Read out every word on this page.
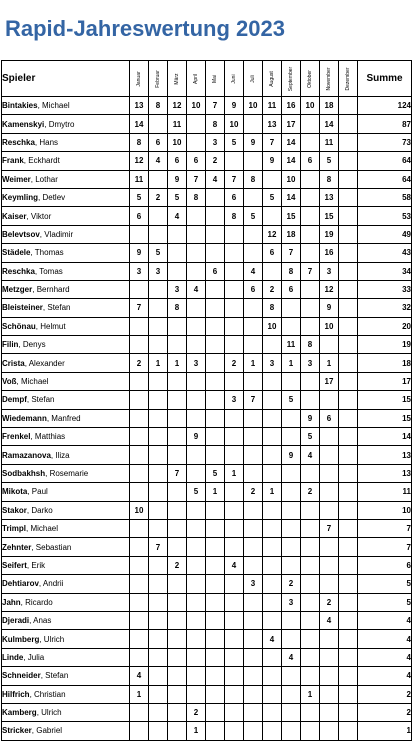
Rapid-Jahreswertung 2023
Spieler	Januar	Februar	März	April	Mai	Juni	Juli	August	September	Oktober	November	Dezember	Summe
Bintakies, Michael	13	8	12	10	7	9	10	11	16	10	18		124
Kamenskyi, Dmytro	14		11		8	10		13	17		14		87
Reschka, Hans	8	6	10		3	5	9	7	14		11		73
Frank, Eckhardt	12	4	6	6	2			9	14	6	5		64
Weimer, Lothar	11		9	7	4	7	8		10		8		64
Keymling, Detlev	5	2	5	8		6		5	14		13		58
Kaiser, Viktor	6		4			8	5		15		15		53
Belevtsov, Vladimir								12	18		19		49
Städele, Thomas	9	5						6	7		16		43
Reschka, Tomas	3	3			6		4		8	7	3		34
Metzger, Bernhard			3	4			6	2	6		12		33
Bleisteiner, Stefan	7		8					8			9		32
Schönau, Helmut								10			10		20
Filin, Denys									11	8			19
Crista, Alexander	2	1	1	3		2	1	3	1	3	1		18
Voß, Michael											17		17
Dempf, Stefan						3	7		5				15
Wiedemann, Manfred										9	6		15
Frenkel, Matthias				9						5			14
Ramazanova, Iliza									9	4			13
Sodbakhsh, Rosemarie			7		5	1							13
Mikota, Paul				5	1		2	1		2			11
Stakor, Darko	10												10
Trimpl, Michael											7		7
Zehnter, Sebastian		7											7
Seifert, Erik			2			4							6
Dehtiarov, Andrii							3		2				5
Jahn, Ricardo									3		2		5
Djeradi, Anas											4		4
Kulmberg, Ulrich								4					4
Linde, Julia									4				4
Schneider, Stefan	4												4
Hilfrich, Christian	1									1			2
Kamberg, Ulrich				2									2
Stricker, Gabriel				1									1
